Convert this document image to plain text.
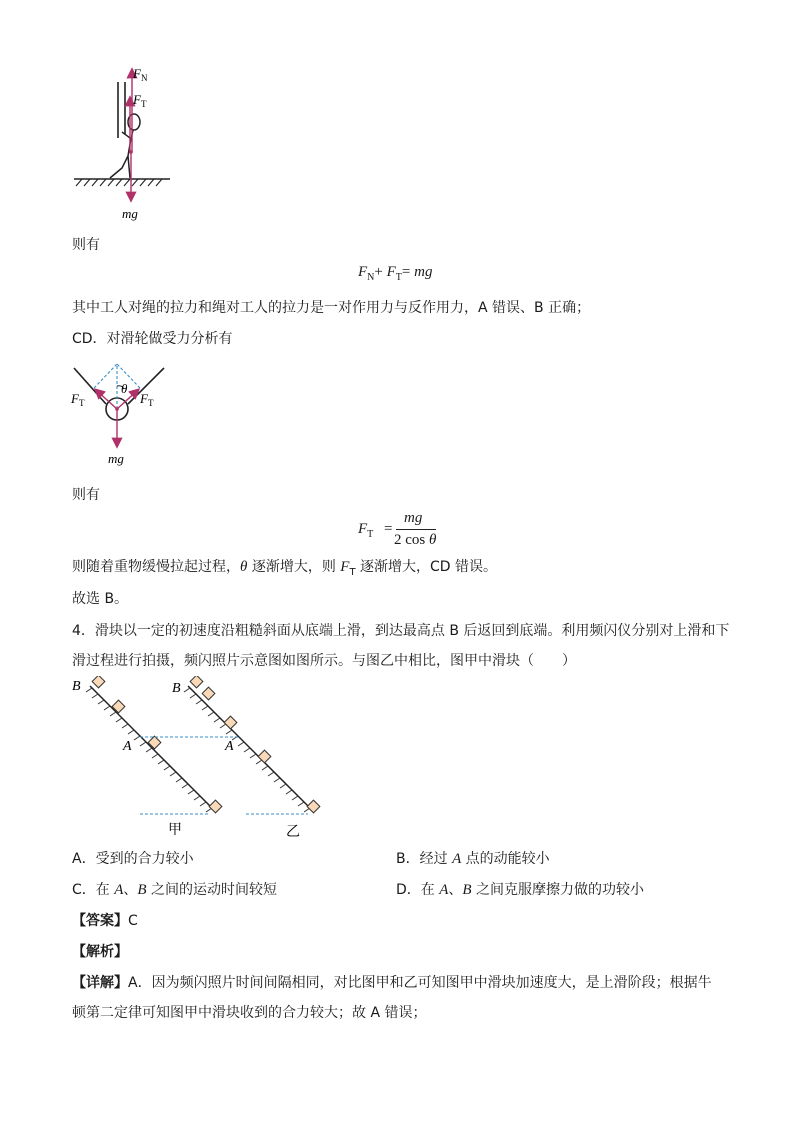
$F_N$
$F_T$
mg
则有
$F_N+ F_T=$ mg
其中工人对绳的拉力和绳对工人的拉力是一对作用力与反作用力，A 错误、B 正确；
CD．对滑轮做受力分析有
θ
$F_T$	$F_T$
mg
则有
$F_T$ =
mg
2 cos θ
则随着重物缓慢拉起过程，θ 逐渐增大，则 $F_T$ 逐渐增大，CD 错误。
故选 B。
4．滑块以一定的初速度沿粗糙斜面从底端上滑，到达最高点 B 后返回到底端。利用频闪仪分别对上滑和下
滑过程进行拍摄，频闪照片示意图如图所示。与图乙中相比，图甲中滑块（　　）
B
A
B
A
甲	乙
A．受到的合力较小	B．经过 A 点的动能较小
C．在 A、B 之间的运动时间较短	D．在 A、B 之间克服摩擦力做的功较小
【答案】C
【解析】
【详解】A．因为频闪照片时间间隔相同，对比图甲和乙可知图甲中滑块加速度大，是上滑阶段；根据牛
顿第二定律可知图甲中滑块收到的合力较大；故 A 错误；
